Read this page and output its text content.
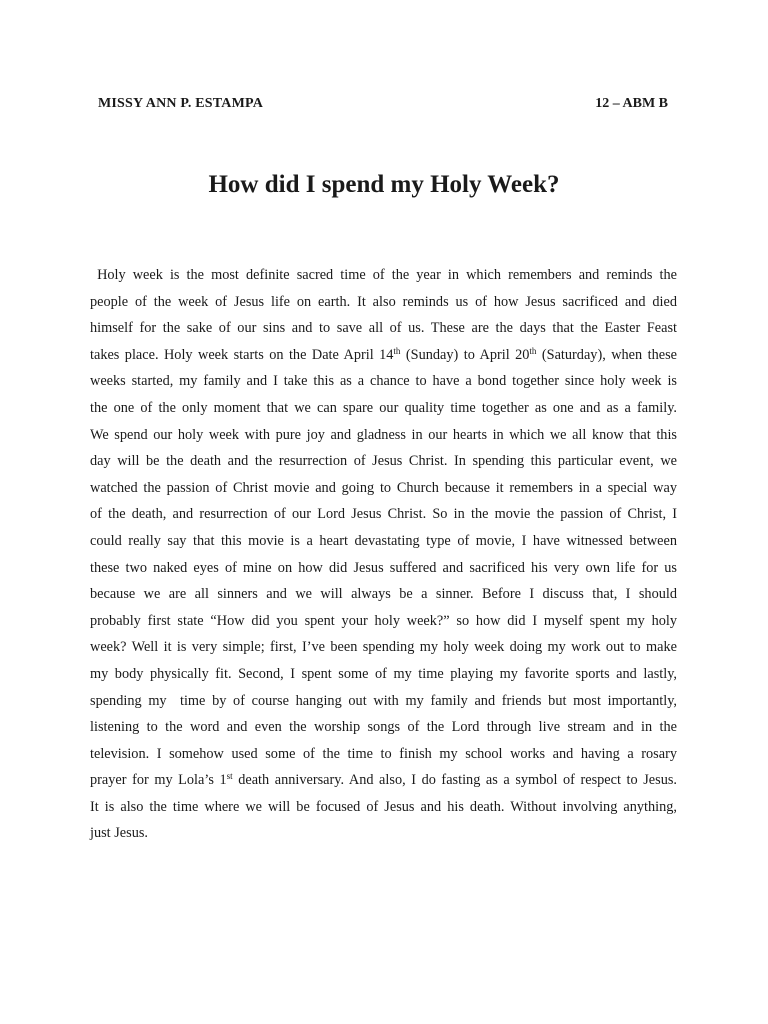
MISSY ANN P. ESTAMPA	12 – ABM B
How did I spend my Holy Week?
Holy week is the most definite sacred time of the year in which remembers and reminds the
people of the week of Jesus life on earth. It also reminds us of how Jesus sacrificed and died
himself for the sake of our sins and to save all of us. These are the days that the Easter Feast
takes place. Holy week starts on the Date April 14th (Sunday) to April 20th (Saturday), when these
weeks started, my family and I take this as a chance to have a bond together since holy week is
the one of the only moment that we can spare our quality time together as one and as a family.
We spend our holy week with pure joy and gladness in our hearts in which we all know that this
day will be the death and the resurrection of Jesus Christ. In spending this particular event, we
watched the passion of Christ movie and going to Church because it remembers in a special way
of the death, and resurrection of our Lord Jesus Christ. So in the movie the passion of Christ, I
could really say that this movie is a heart devastating type of movie, I have witnessed between
these two naked eyes of mine on how did Jesus suffered and sacrificed his very own life for us
because we are all sinners and we will always be a sinner. Before I discuss that, I should
probably first state “How did you spent your holy week?” so how did I myself spent my holy
week? Well it is very simple; first, I’ve been spending my holy week doing my work out to make
my body physically fit. Second, I spent some of my time playing my favorite sports and lastly,
spending my  time by of course hanging out with my family and friends but most importantly,
listening to the word and even the worship songs of the Lord through live stream and in the
television. I somehow used some of the time to finish my school works and having a rosary
prayer for my Lola’s 1st death anniversary. And also, I do fasting as a symbol of respect to Jesus.
It is also the time where we will be focused of Jesus and his death. Without involving anything,
just Jesus.
